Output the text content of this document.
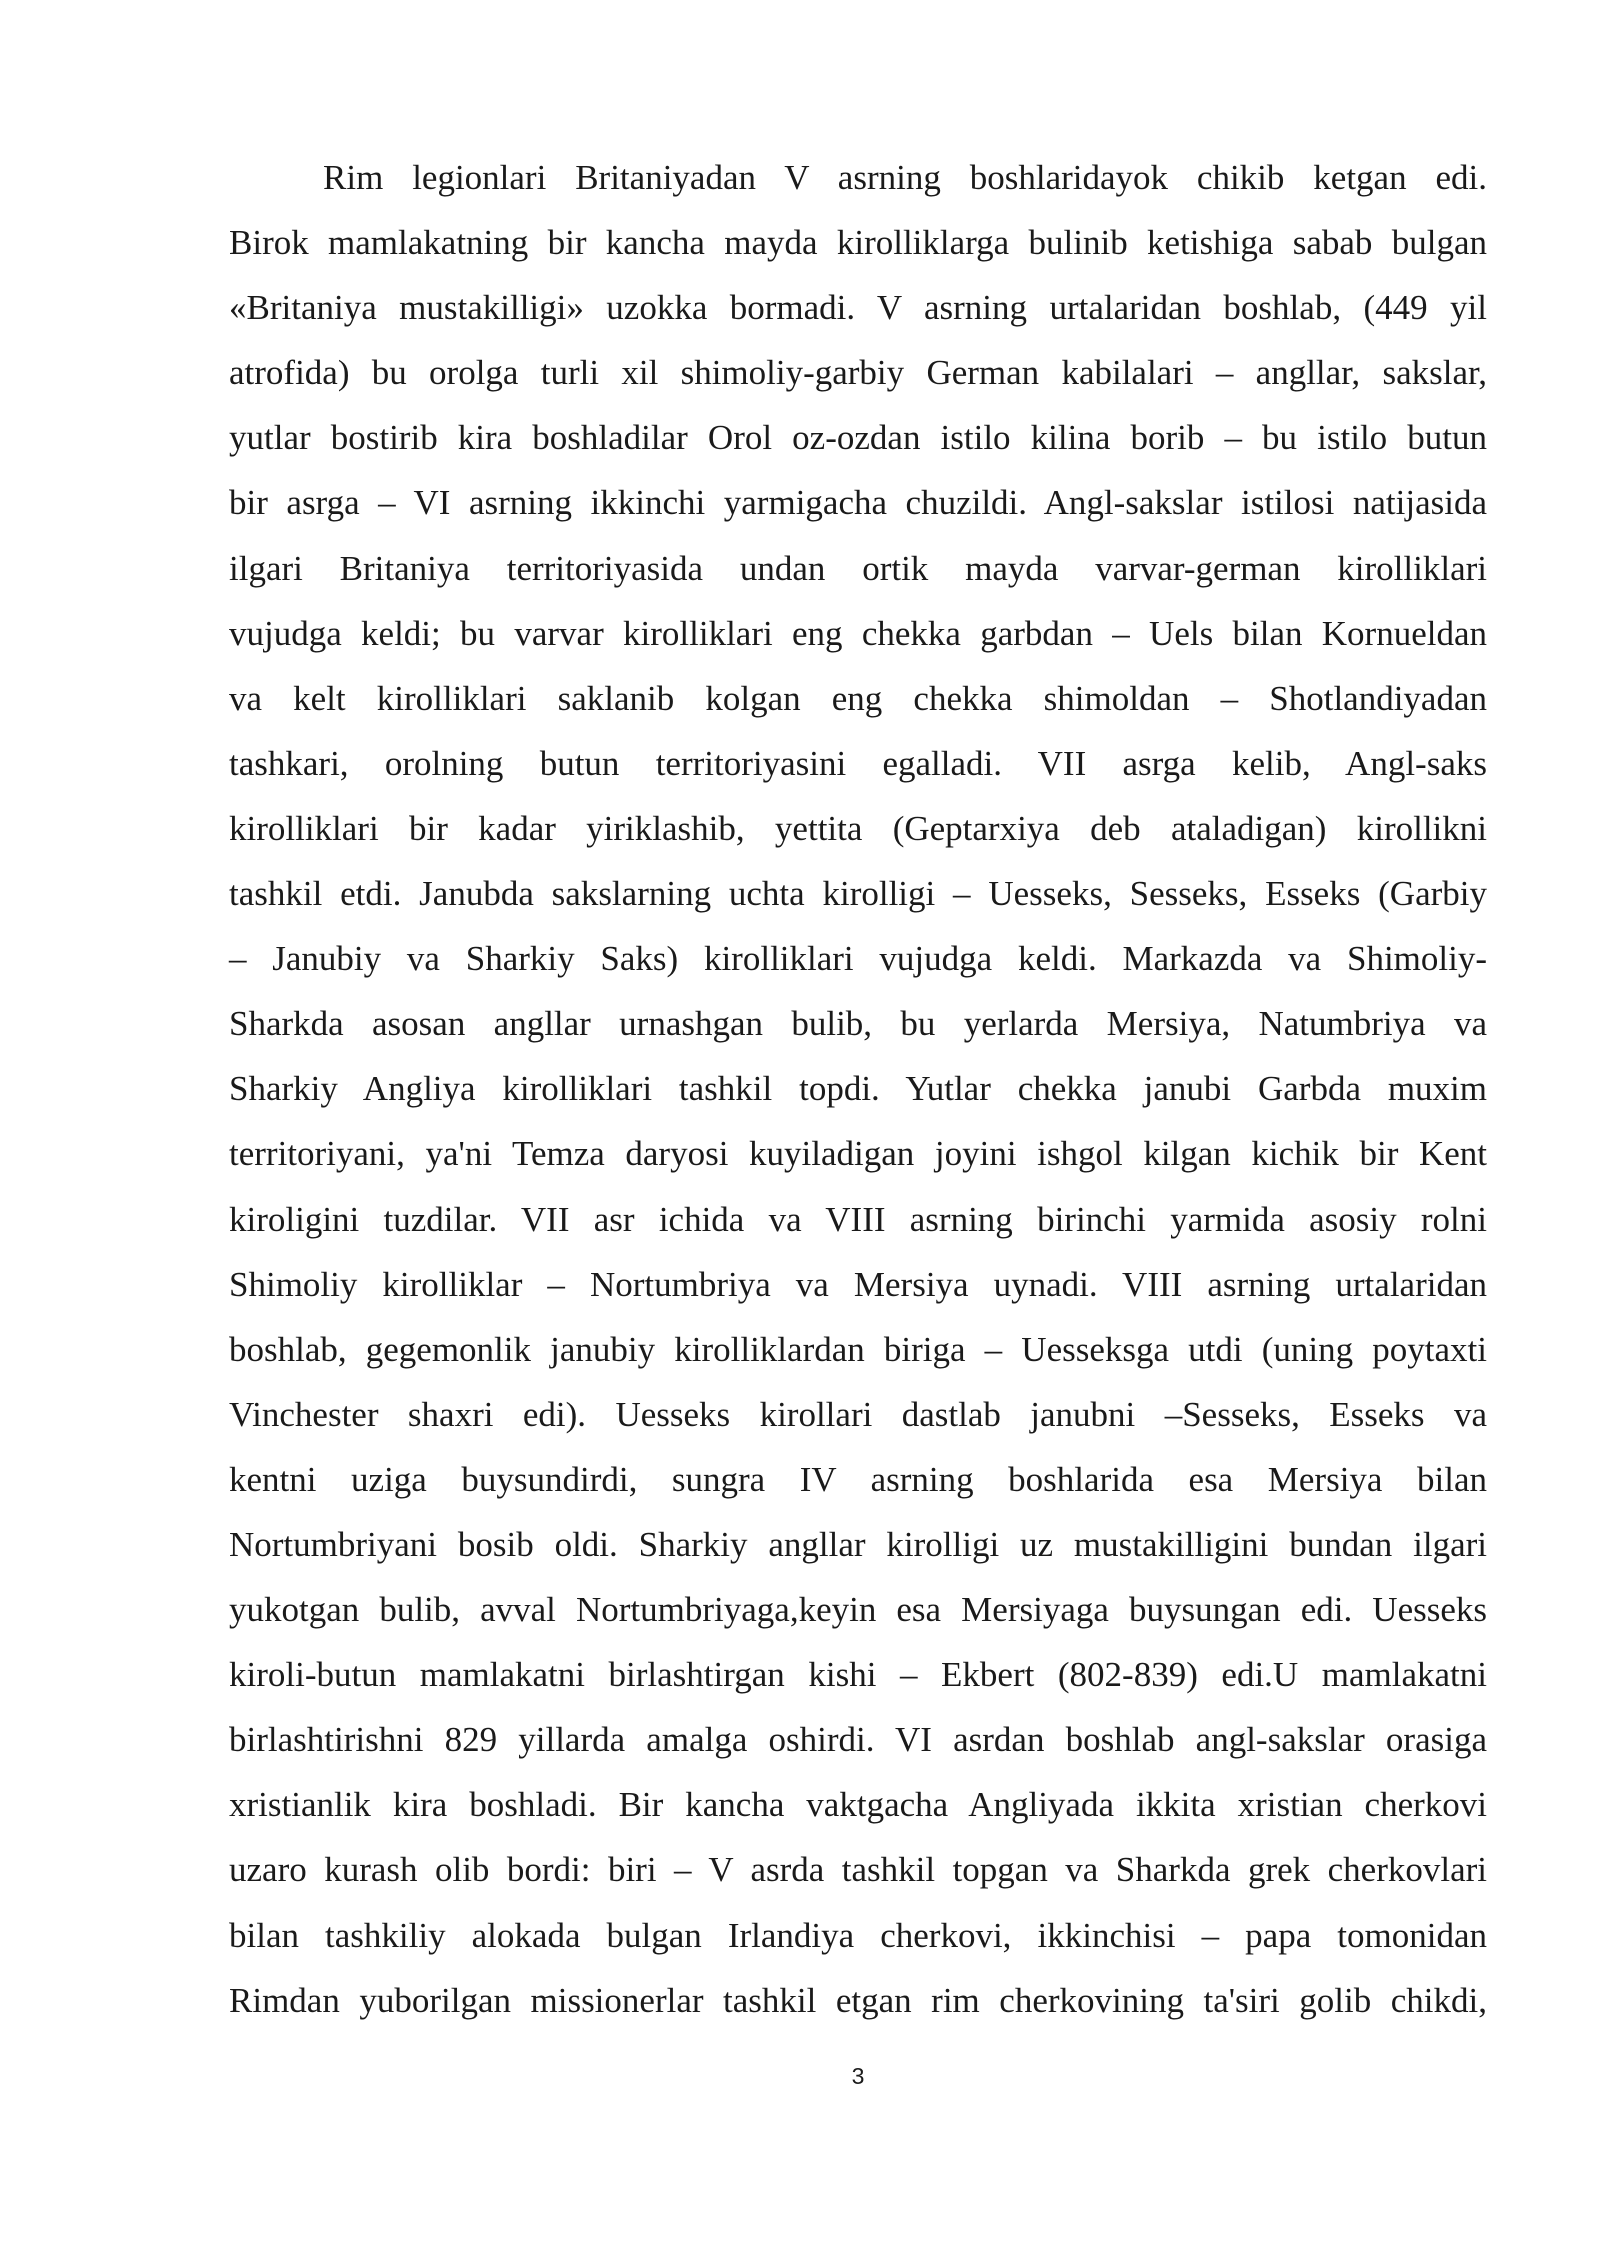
Rim legionlari Britaniyadan V asrning boshlaridayok chikib ketgan edi.
Birok mamlakatning bir kancha mayda kirolliklarga bulinib ketishiga sabab bulgan
«Britaniya mustakilligi» uzokka bormadi. V asrning urtalaridan boshlab, (449 yil
atrofida) bu orolga turli xil shimoliy-garbiy German kabilalari – angllar, sakslar,
yutlar bostirib kira boshladilar Orol oz-ozdan istilo kilina borib – bu istilo butun
bir asrga – VI asrning ikkinchi yarmigacha chuzildi. Angl-sakslar istilosi natijasida
ilgari Britaniya territoriyasida undan ortik mayda varvar-german kirolliklari
vujudga keldi; bu varvar kirolliklari eng chekka garbdan – Uels bilan Kornueldan
va kelt kirolliklari saklanib kolgan eng chekka shimoldan – Shotlandiyadan
tashkari, orolning butun territoriyasini egalladi. VII asrga kelib, Angl-saks
kirolliklari bir kadar yiriklashib, yettita (Geptarxiya deb ataladigan) kirollikni
tashkil etdi. Janubda sakslarning uchta kirolligi – Uesseks, Sesseks, Esseks (Garbiy
– Janubiy va Sharkiy Saks) kirolliklari vujudga keldi. Markazda va Shimoliy-
Sharkda asosan angllar urnashgan bulib, bu yerlarda Mersiya, Natumbriya va
Sharkiy Angliya kirolliklari tashkil topdi. Yutlar chekka janubi Garbda muxim
territoriyani, ya'ni Temza daryosi kuyiladigan joyini ishgol kilgan kichik bir Kent
kiroligini tuzdilar. VII asr ichida va VIII asrning birinchi yarmida asosiy rolni
Shimoliy kirolliklar – Nortumbriya va Mersiya uynadi. VIII asrning urtalaridan
boshlab, gegemonlik janubiy kirolliklardan biriga – Uesseksga utdi (uning poytaxti
Vinchester shaxri edi). Uesseks kirollari dastlab janubni –Sesseks, Esseks va
kentni uziga buysundirdi, sungra IV asrning boshlarida esa Mersiya bilan
Nortumbriyani bosib oldi. Sharkiy angllar kirolligi uz mustakilligini bundan ilgari
yukotgan bulib, avval Nortumbriyaga,keyin esa Mersiyaga buysungan edi. Uesseks
kiroli-butun mamlakatni birlashtirgan kishi – Ekbert (802-839) edi.U mamlakatni
birlashtirishni 829 yillarda amalga oshirdi. VI asrdan boshlab angl-sakslar orasiga
xristianlik kira boshladi. Bir kancha vaktgacha Angliyada ikkita xristian cherkovi
uzaro kurash olib bordi: biri – V asrda tashkil topgan va Sharkda grek cherkovlari
bilan tashkiliy alokada bulgan Irlandiya cherkovi, ikkinchisi – papa tomonidan
Rimdan yuborilgan missionerlar tashkil etgan rim cherkovining ta'siri golib chikdi,
3
